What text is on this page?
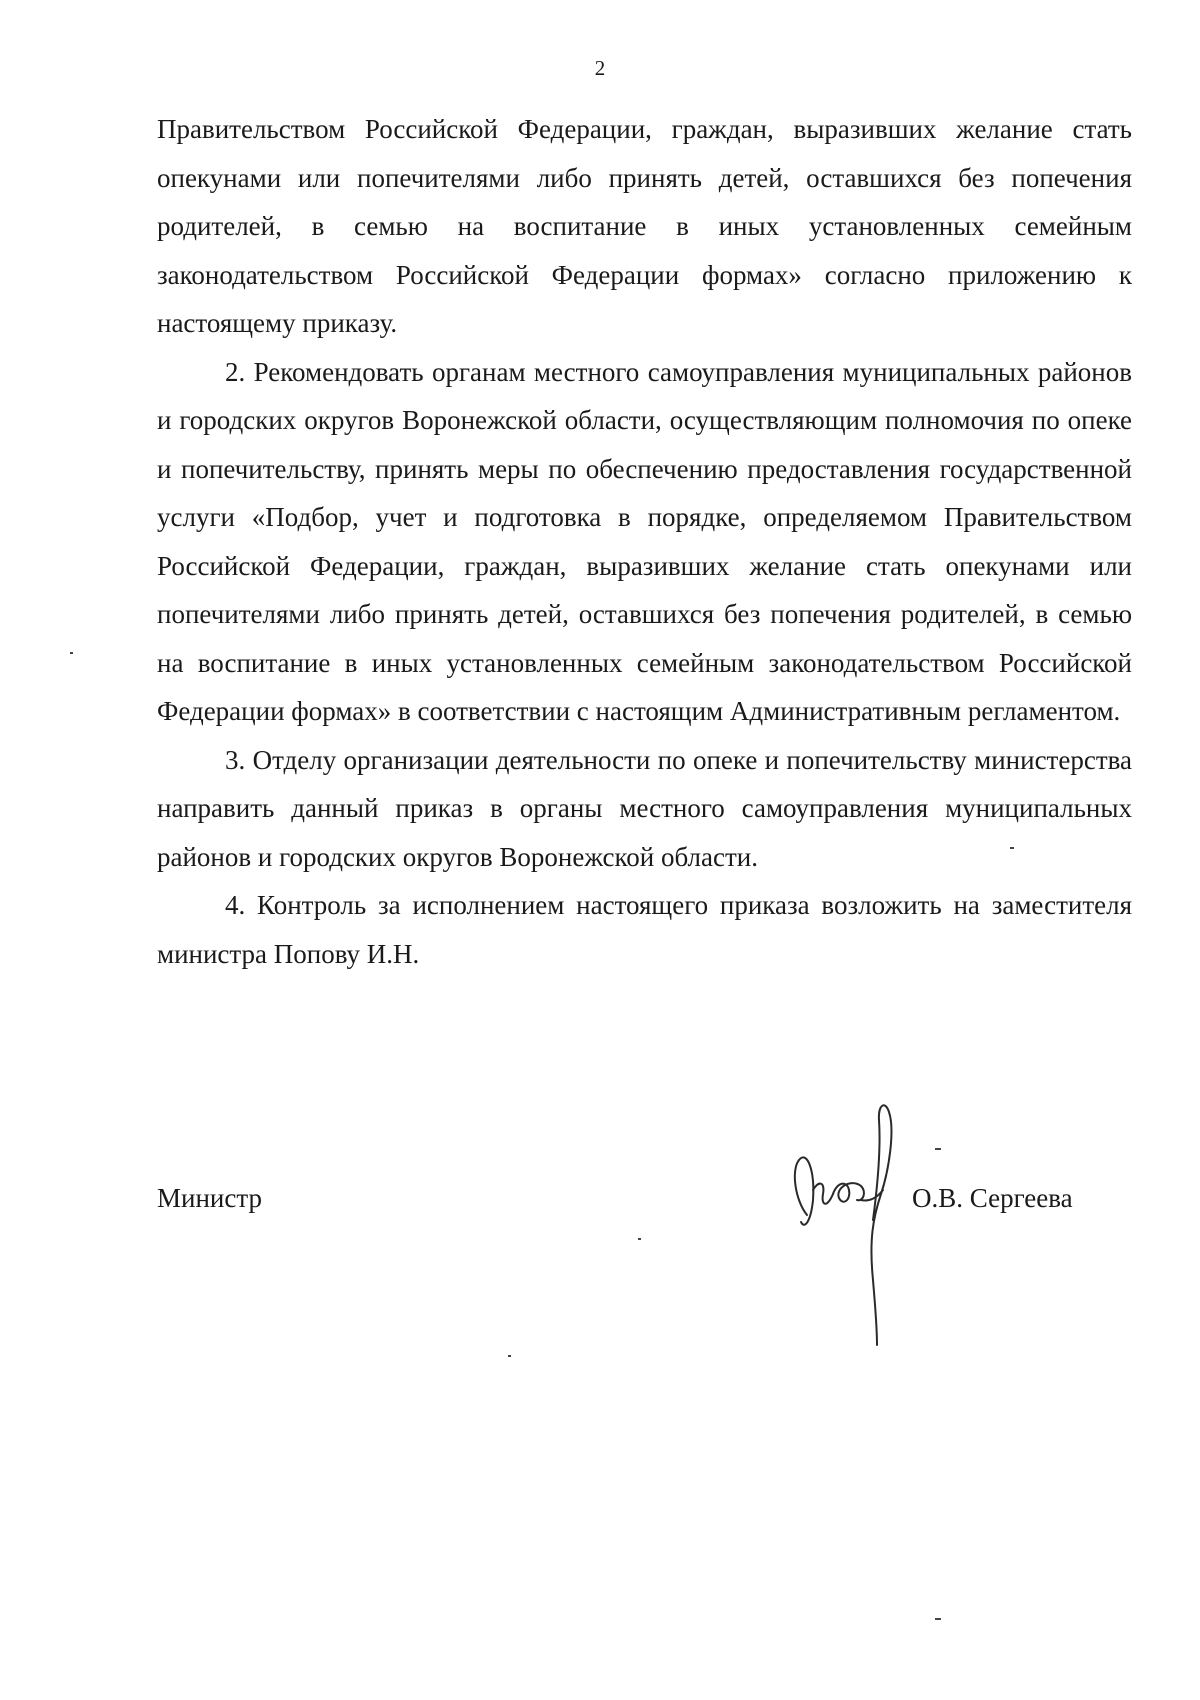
2

Правительством Российской Федерации, граждан, выразивших желание стать опекунами или попечителями либо принять детей, оставшихся без попечения родителей, в семью на воспитание в иных установленных семейным законодательством Российской Федерации формах» согласно приложению к настоящему приказу.

2. Рекомендовать органам местного самоуправления муниципальных районов и городских округов Воронежской области, осуществляющим полномочия по опеке и попечительству, принять меры по обеспечению предоставления государственной услуги «Подбор, учет и подготовка в порядке, определяемом Правительством Российской Федерации, граждан, выразивших желание стать опекунами или попечителями либо принять детей, оставшихся без попечения родителей, в семью на воспитание в иных установленных семейным законодательством Российской Федерации формах» в соответствии с настоящим Административным регламентом.

3. Отделу организации деятельности по опеке и попечительству министерства направить данный приказ в органы местного самоуправления муниципальных районов и городских округов Воронежской области.

4. Контроль за исполнением настоящего приказа возложить на заместителя министра Попову И.Н.

Министр	О.В. Сергеева
